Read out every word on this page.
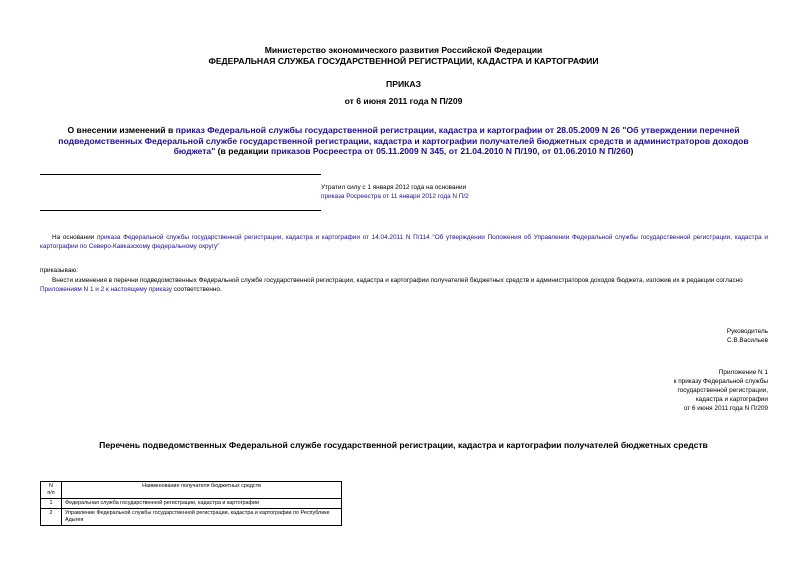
Министерство экономического развития Российской Федерации
ФЕДЕРАЛЬНАЯ СЛУЖБА ГОСУДАРСТВЕННОЙ РЕГИСТРАЦИИ, КАДАСТРА И КАРТОГРАФИИ
ПРИКАЗ
от 6 июня 2011 года N П/209
О внесении изменений в приказ Федеральной службы государственной регистрации, кадастра и картографии от 28.05.2009 N 26 "Об утверждении перечней подведомственных Федеральной службе государственной регистрации, кадастра и картографии получателей бюджетных средств и администраторов доходов бюджета" (в редакции приказов Росреестра от 05.11.2009 N 345, от 21.04.2010 N П/190, от 01.06.2010 N П/260)
Утратил силу с 1 января 2012 года на основании
приказа Росреестра от 11 января 2012 года N П/2
На основании приказа Федеральной службы государственной регистрации, кадастра и картографии от 14.04.2011 N П/114 "Об утверждении Положения об Управлении Федеральной службы государственной регистрации, кадастра и картографии по Северо-Кавказскому федеральному округу"
приказываю:
Внести изменения в перечни подведомственных Федеральной службе государственной регистрации, кадастра и картографии получателей бюджетных средств и администраторов доходов бюджета, изложив их в редакции согласно Приложениям N 1 и 2 к настоящему приказу соответственно.
Руководитель
С.В.Васильев
Приложение N 1
к приказу Федеральной службы
государственной регистрации,
кадастра и картографии
от 6 июня 2011 года N П/209
Перечень подведомственных Федеральной службе государственной регистрации, кадастра и картографии получателей бюджетных средств
N
п/п	Наименование получателя бюджетных средств
1	Федеральная служба государственной регистрации, кадастра и картографии
2	Управление Федеральной службы государственной регистрации, кадастра и картографии по Республике Адыгея
